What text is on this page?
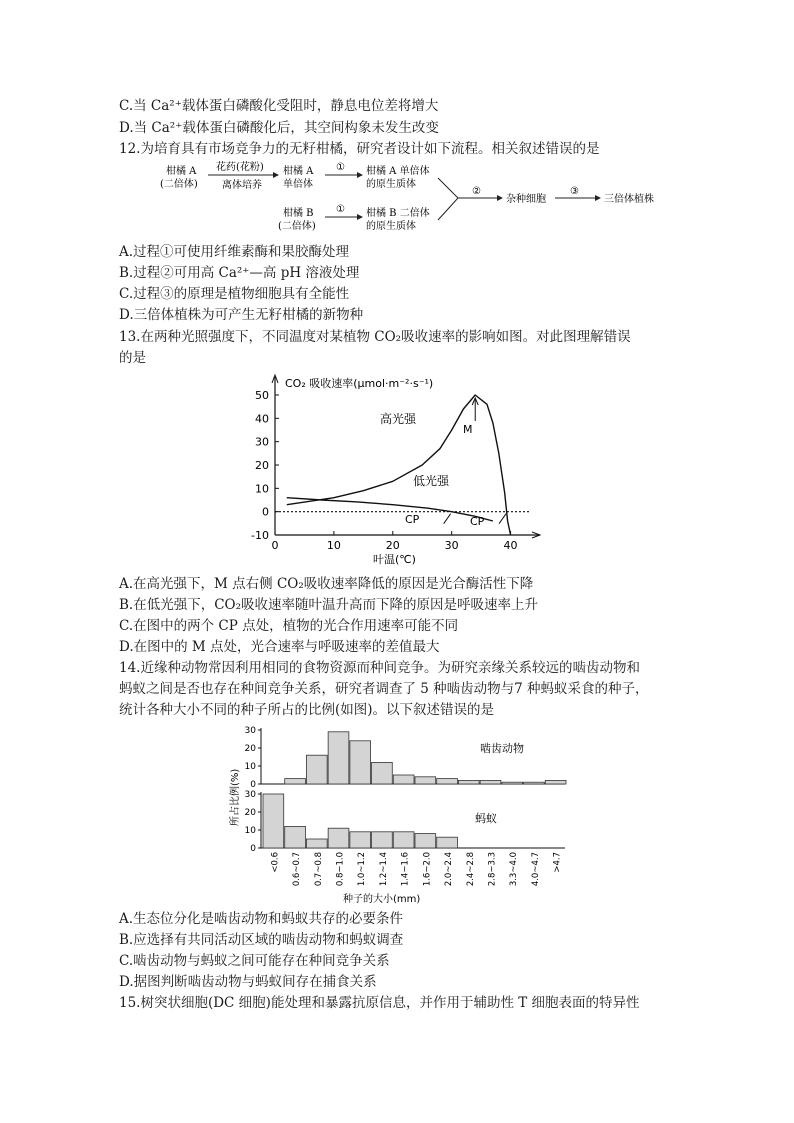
C.当 Ca²⁺载体蛋白磷酸化受阻时，静息电位差将增大
D.当 Ca²⁺载体蛋白磷酸化后，其空间构象未发生改变
12.为培育具有市场竞争力的无籽柑橘，研究者设计如下流程。相关叙述错误的是
柑橘 A
(二倍体)
花药(花粉)
离体培养
柑橘 A
单倍体
① 柑橘 A 单倍体
的原生质体
柑橘 B
(二倍体)
① 柑橘 B 二倍体
的原生质体
②
杂种细胞
③
三倍体植株
A.过程①可使用纤维素酶和果胶酶处理
B.过程②可用高 Ca²⁺—高 pH 溶液处理
C.过程③的原理是植物细胞具有全能性
D.三倍体植株为可产生无籽柑橘的新物种
13.在两种光照强度下，不同温度对某植物 CO₂吸收速率的影响如图。对此图理解错误
的是
-10
0
10
20
30
40
50
0	10	20	30	40
CO₂ 吸收速率(μmol·m⁻²·s⁻¹)
叶温(℃)
高光强
低光强
M
CP	CP
A.在高光强下，M 点右侧 CO₂吸收速率降低的原因是光合酶活性下降
B.在低光强下，CO₂吸收速率随叶温升高而下降的原因是呼吸速率上升
C.在图中的两个 CP 点处，植物的光合作用速率可能不同
D.在图中的 M 点处，光合速率与呼吸速率的差值最大
14.近缘种动物常因利用相同的食物资源而种间竞争。为研究亲缘关系较远的啮齿动物和
蚂蚁之间是否也存在种间竞争关系，研究者调查了 5 种啮齿动物与7 种蚂蚁采食的种子，
统计各种大小不同的种子所占的比例(如图)。以下叙述错误的是
0
10
20
30
0
10
20
30
<0.6 0.6~0.7 0.7~0.8 0.8~1.0 1.0~1.2 1.2~1.4 1.4~1.6 1.6~2.0 2.0~2.4 2.4~2.8 2.8~3.3 3.3~4.0 4.0~4.7 >4.7
啮齿动物
蚂蚁
种子的大小(mm)
所占比例(%)
A.生态位分化是啮齿动物和蚂蚁共存的必要条件
B.应选择有共同活动区域的啮齿动物和蚂蚁调查
C.啮齿动物与蚂蚁之间可能存在种间竞争关系
D.据图判断啮齿动物与蚂蚁间存在捕食关系
15.树突状细胞(DC 细胞)能处理和暴露抗原信息，并作用于辅助性 T 细胞表面的特异性
